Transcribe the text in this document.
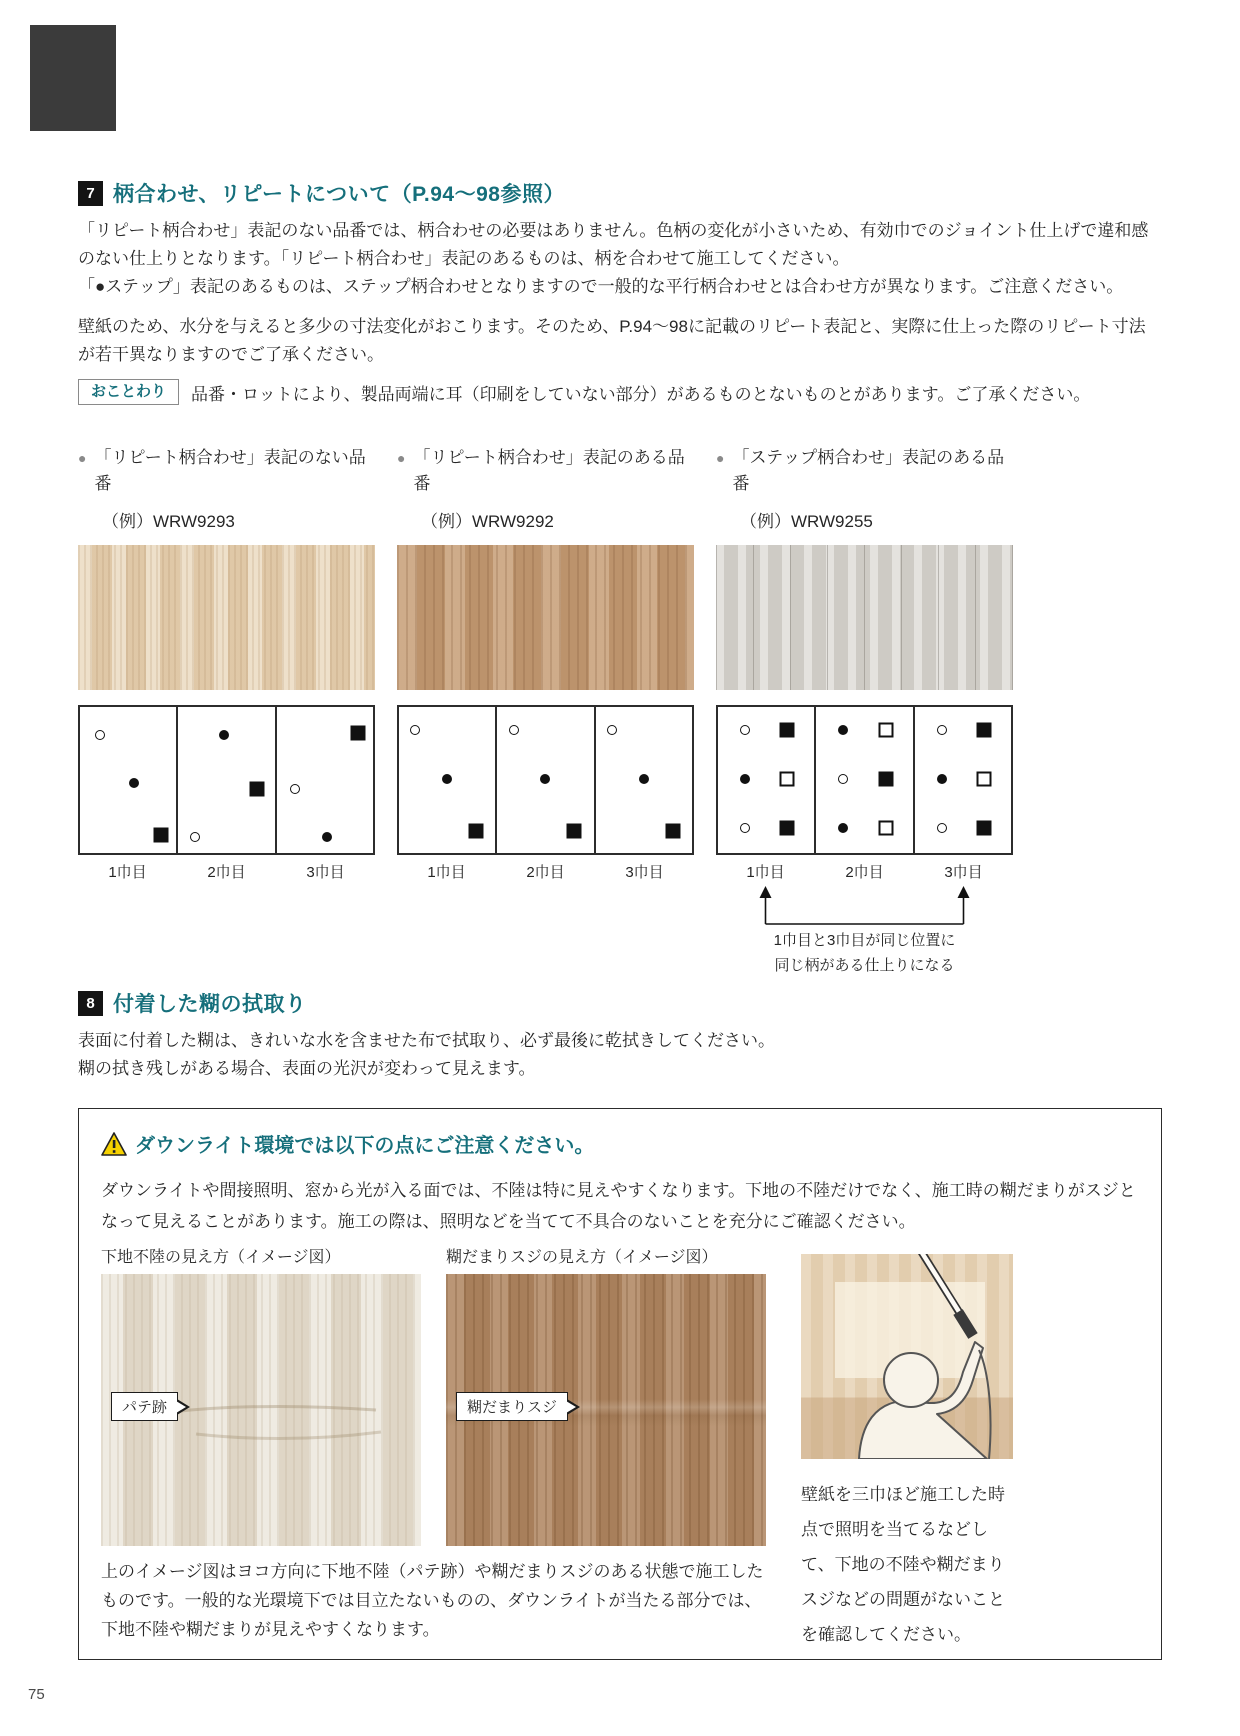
7 柄合わせ、リピートについて（P.94～98参照）

「リピート柄合わせ」表記のない品番では、柄合わせの必要はありません。色柄の変化が小さいため、有効巾でのジョイント仕上げで違和感のない仕上りとなります。「リピート柄合わせ」表記のあるものは、柄を合わせて施工してください。

「●ステップ」表記のあるものは、ステップ柄合わせとなりますので一般的な平行柄合わせとは合わせ方が異なります。ご注意ください。

壁紙のため、水分を与えると多少の寸法変化がおこります。そのため、P.94～98に記載のリピート表記と、実際に仕上った際のリピート寸法が若干異なりますのでご了承ください。

おことわり	品番・ロットにより、製品両端に耳（印刷をしていない部分）があるものとないものとがあります。ご了承ください。
● 「リピート柄合わせ」表記のない品番
（例）WRW9293
1巾目	2巾目	3巾目
● 「リピート柄合わせ」表記のある品番
（例）WRW9292
1巾目	2巾目	3巾目
● 「ステップ柄合わせ」表記のある品番
（例）WRW9255
1巾目	2巾目	3巾目
1巾目と3巾目が同じ位置に
同じ柄がある仕上りになる
8 付着した糊の拭取り

表面に付着した糊は、きれいな水を含ませた布で拭取り、必ず最後に乾拭きしてください。

糊の拭き残しがある場合、表面の光沢が変わって見えます。

ダウンライト環境では以下の点にご注意ください。

ダウンライトや間接照明、窓から光が入る面では、不陸は特に見えやすくなります。下地の不陸だけでなく、施工時の糊だまりがスジとなって見えることがあります。施工の際は、照明などを当てて不具合のないことを充分にご確認ください。

下地不陸の見え方（イメージ図）	糊だまりスジの見え方（イメージ図）
パテ跡	糊だまりスジ

壁紙を三巾ほど施工した時点で照明を当てるなどして、下地の不陸や糊だまりスジなどの問題がないことを確認してください。

上のイメージ図はヨコ方向に下地不陸（パテ跡）や糊だまりスジのある状態で施工したものです。一般的な光環境下では目立たないものの、ダウンライトが当たる部分では、下地不陸や糊だまりが見えやすくなります。

75
